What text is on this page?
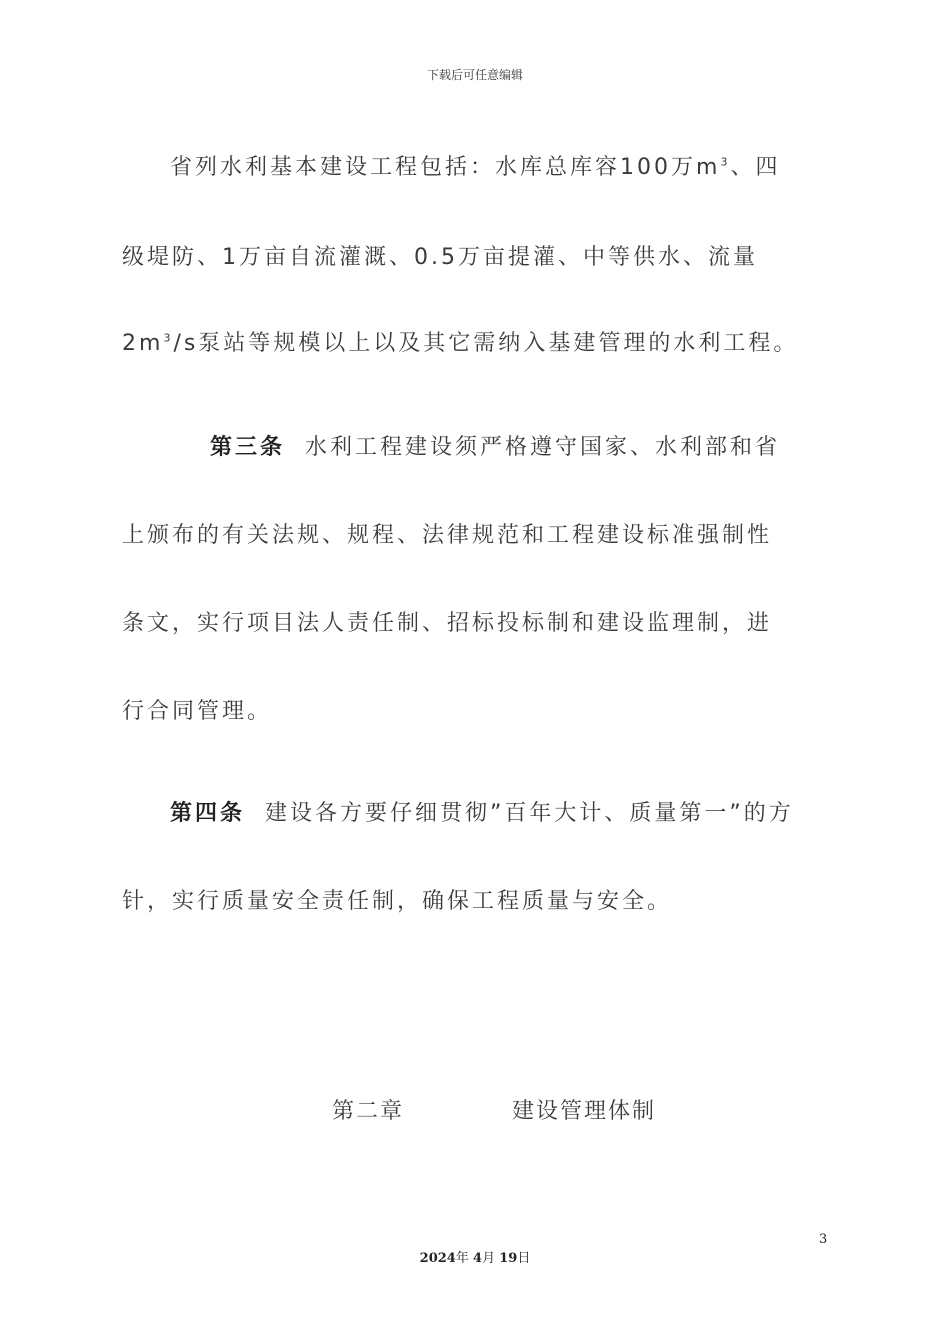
下载后可任意编辑
省列水利基本建设工程包括：水库总库容100万$m^3$、四
级堤防、1万亩自流灌溉、0.5万亩提灌、中等供水、流量
$2m^3/s$泵站等规模以上以及其它需纳入基建管理的水利工程。
第三条 水利工程建设须严格遵守国家、水利部和省
上颁布的有关法规、规程、法律规范和工程建设标准强制性
条文，实行项目法人责任制、招标投标制和建设监理制，进
行合同管理。
第四条 建设各方要仔细贯彻”百年大计、质量第一”的方
针，实行质量安全责任制，确保工程质量与安全。
第二章	建设管理体制
3
2024年 4月 19日
